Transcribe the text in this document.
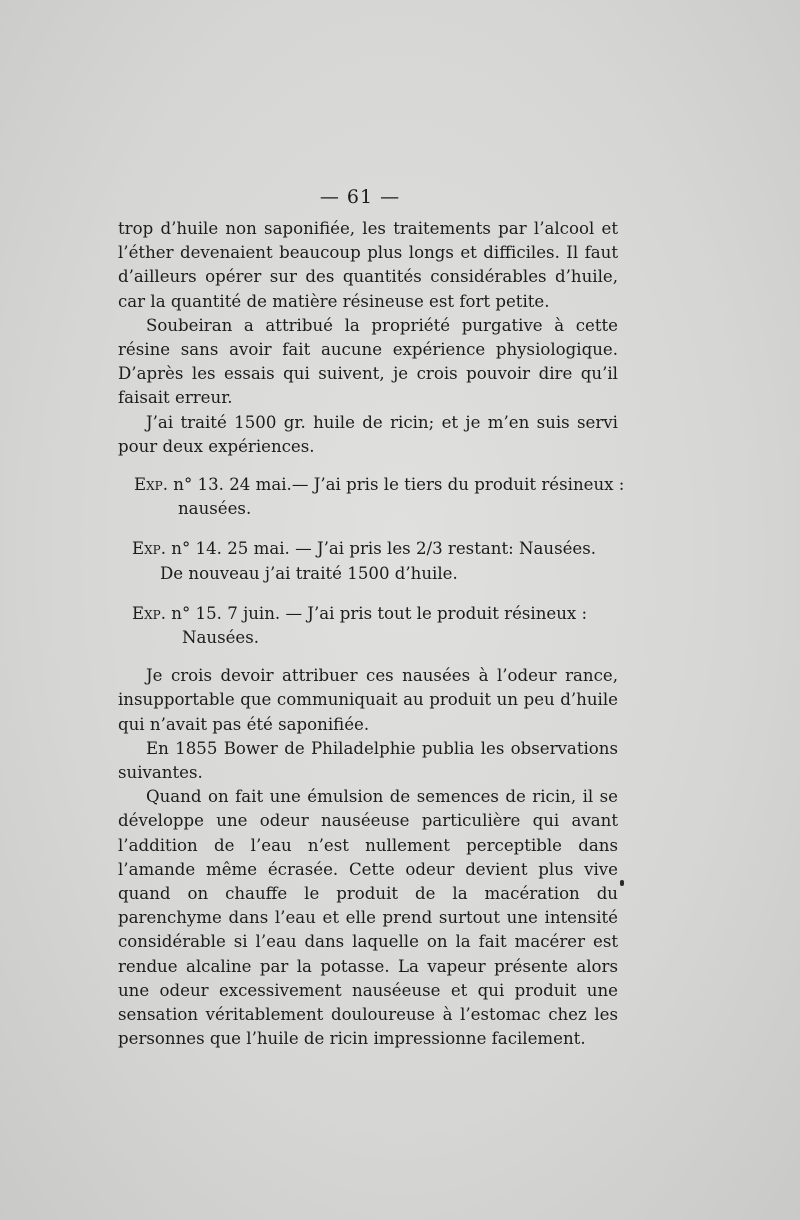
— 61 —

trop d’huile non saponifiée, les traitements par l’alcool et l’éther devenaient beaucoup plus longs et difficiles. Il faut d’ailleurs opérer sur des quantités considérables d’huile, car la quantité de matière résineuse est fort petite.

Soubeiran a attribué la propriété purgative à cette résine sans avoir fait aucune expérience physiologique. D’après les essais qui suivent, je crois pouvoir dire qu’il faisait erreur.

J’ai traité 1500 gr. huile de ricin; et je m’en suis servi pour deux expériences.

Exp. n° 13. 24 mai.— J’ai pris le tiers du produit résineux :
nausées.
Exp. n° 14. 25 mai. — J’ai pris les 2/3 restant: Nausées.
De nouveau j’ai traité 1500 d’huile.
Exp. n° 15. 7 juin. — J’ai pris tout le produit résineux :
Nausées.

Je crois devoir attribuer ces nausées à l’odeur rance, insupportable que communiquait au produit un peu d’huile qui n’avait pas été saponifiée.

En 1855 Bower de Philadelphie publia les observations suivantes.

Quand on fait une émulsion de semences de ricin, il se développe une odeur nauséeuse particulière qui avant l’addition de l’eau n’est nullement perceptible dans l’amande même écrasée. Cette odeur devient plus vive quand on chauffe le produit de la macération du parenchyme dans l’eau et elle prend surtout une intensité considérable si l’eau dans laquelle on la fait macérer est rendue alcaline par la potasse. La vapeur présente alors une odeur excessivement nauséeuse et qui produit une sensation véritablement douloureuse à l’estomac chez les personnes que l’huile de ricin impressionne facilement.
